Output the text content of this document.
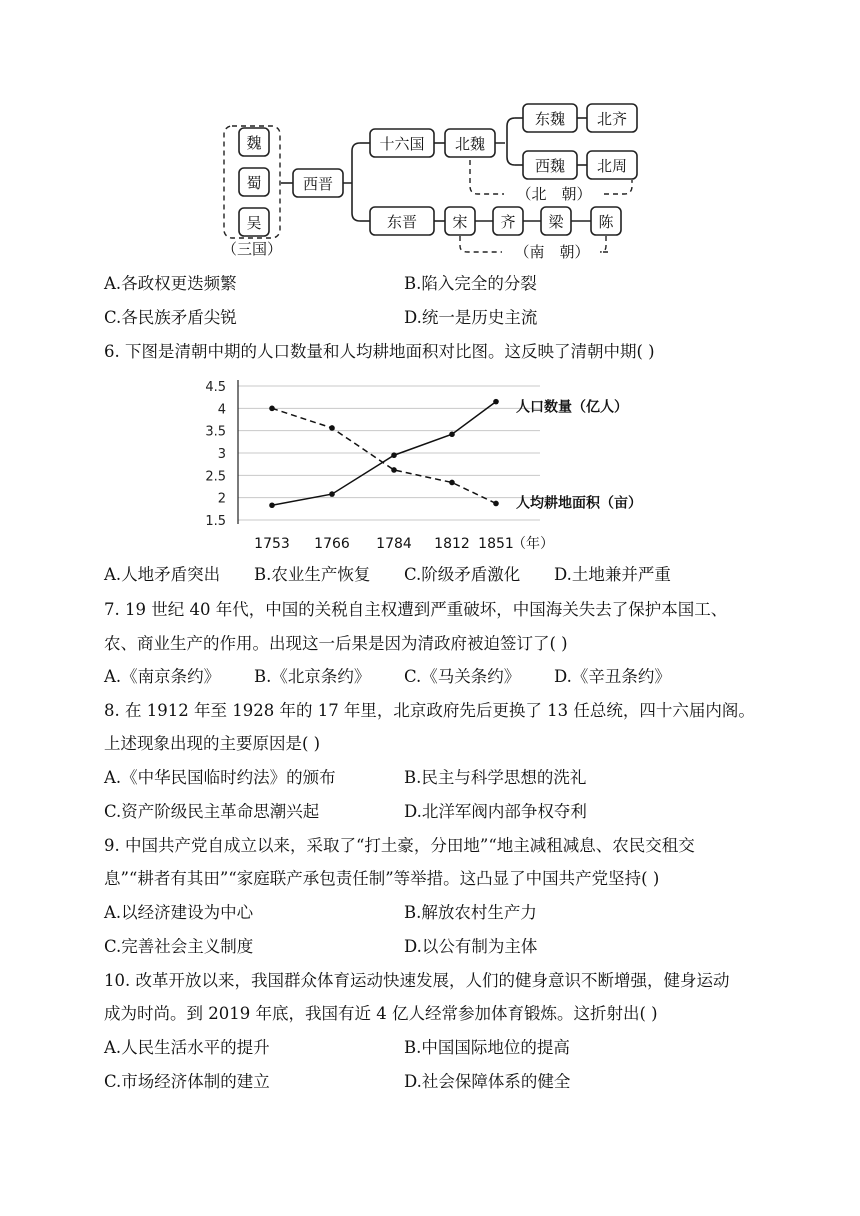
魏
蜀
吴
（三国）
西晋
十六国 北魏
东魏 北齐
西魏 北周
（北　朝）
东晋 宋 齐 梁 陈
（南　朝）
A.各政权更迭频繁	B.陷入完全的分裂
C.各民族矛盾尖锐	D.统一是历史主流
6. 下图是清朝中期的人口数量和人均耕地面积对比图。这反映了清朝中期( )
1.5
2
2.5
3
3.5
4
4.5
1753 1766 1784 1812 1851
（年）
人口数量（亿人）
人均耕地面积（亩）
A.人地矛盾突出 B.农业生产恢复 C.阶级矛盾激化 D.土地兼并严重
7. 19 世纪 40 年代，中国的关税自主权遭到严重破坏，中国海关失去了保护本国工、
农、商业生产的作用。出现这一后果是因为清政府被迫签订了( )
A.《南京条约》 B.《北京条约》 C.《马关条约》 D.《辛丑条约》
8. 在 1912 年至 1928 年的 17 年里，北京政府先后更换了 13 任总统，四十六届内阁。
上述现象出现的主要原因是( )
A.《中华民国临时约法》的颁布	B.民主与科学思想的洗礼
C.资产阶级民主革命思潮兴起	D.北洋军阀内部争权夺利
9. 中国共产党自成立以来，采取了“打土豪，分田地”“地主减租减息、农民交租交
息”“耕者有其田”“家庭联产承包责任制”等举措。这凸显了中国共产党坚持( )
A.以经济建设为中心	B.解放农村生产力
C.完善社会主义制度	D.以公有制为主体
10. 改革开放以来，我国群众体育运动快速发展，人们的健身意识不断增强，健身运动
成为时尚。到 2019 年底，我国有近 4 亿人经常参加体育锻炼。这折射出( )
A.人民生活水平的提升	B.中国国际地位的提高
C.市场经济体制的建立	D.社会保障体系的健全
